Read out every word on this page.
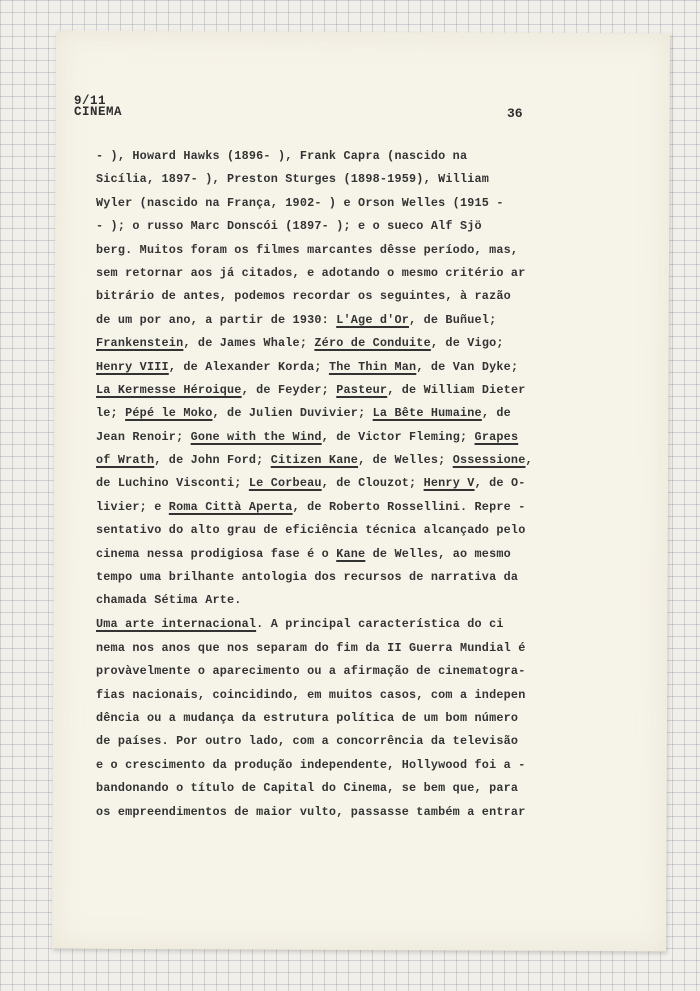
9/11
CINEMA	36
- ), Howard Hawks (1896- ), Frank Capra (nascido na
Sicília, 1897- ), Preston Sturges (1898-1959), William
Wyler (nascido na França, 1902- ) e Orson Welles (1915 -
- ); o russo Marc Donscói (1897- ); e o sueco Alf Sjö
berg. Muitos foram os filmes marcantes dêsse período, mas,
sem retornar aos já citados, e adotando o mesmo critério ar
bitrário de antes, podemos recordar os seguintes, à razão
de um por ano, a partir de 1930: L'Age d'Or, de Buñuel;
Frankenstein, de James Whale; Zéro de Conduite, de Vigo;
Henry VIII, de Alexander Korda; The Thin Man, de Van Dyke;
La Kermesse Héroique, de Feyder; Pasteur, de William Dieter
le; Pépé le Moko, de Julien Duvivier; La Bête Humaine, de
Jean Renoir; Gone with the Wind, de Victor Fleming; Grapes
of Wrath, de John Ford; Citizen Kane, de Welles; Ossessione,
de Luchino Visconti; Le Corbeau, de Clouzot; Henry V, de O-
livier; e Roma Città Aperta, de Roberto Rossellini. Repre -
sentativo do alto grau de eficiência técnica alcançado pelo
cinema nessa prodigiosa fase é o Kane de Welles, ao mesmo
tempo uma brilhante antologia dos recursos de narrativa da
chamada Sétima Arte.
Uma arte internacional. A principal característica do ci
nema nos anos que nos separam do fim da II Guerra Mundial é
provàvelmente o aparecimento ou a afirmação de cinematogra-
fias nacionais, coincidindo, em muitos casos, com a indepen
dência ou a mudança da estrutura política de um bom número
de países. Por outro lado, com a concorrência da televisão
e o crescimento da produção independente, Hollywood foi a -
bandonando o título de Capital do Cinema, se bem que, para
os empreendimentos de maior vulto, passasse também a entrar
